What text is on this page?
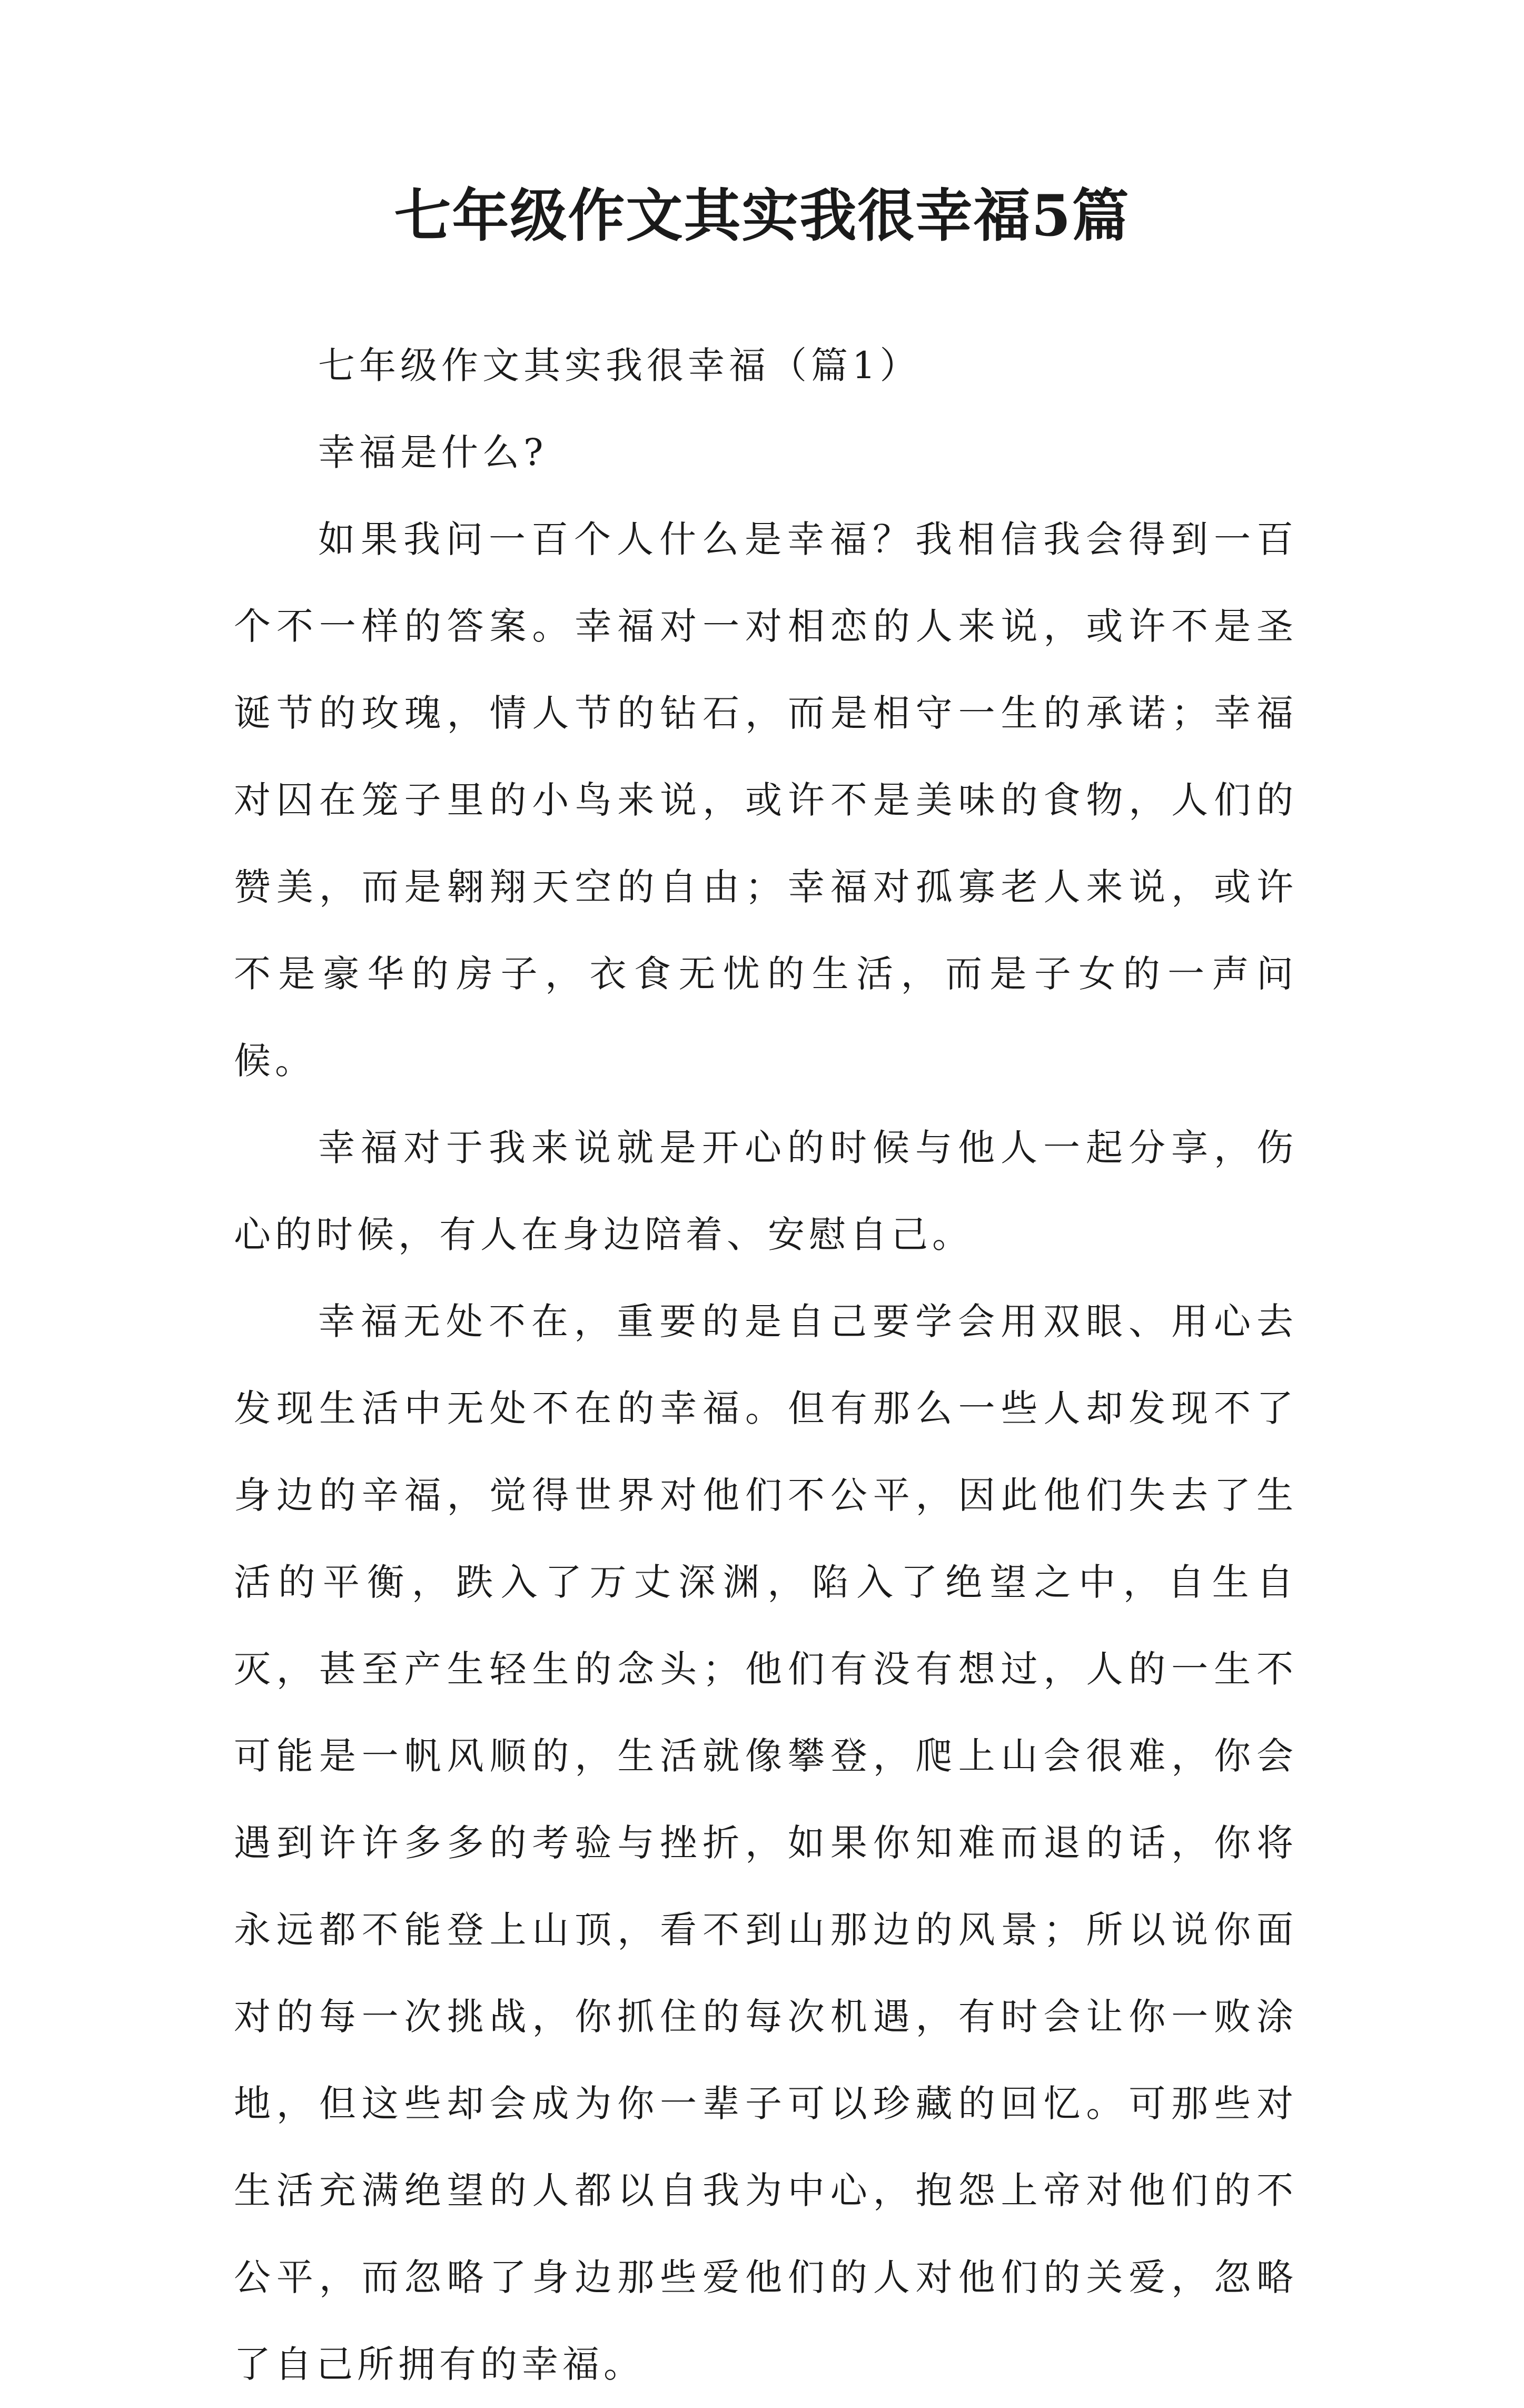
七年级作文其实我很幸福5篇

七年级作文其实我很幸福（篇1）

幸福是什么?

如果我问一百个人什么是幸福？我相信我会得到一百个不一样的答案。幸福对一对相恋的人来说，或许不是圣诞节的玫瑰，情人节的钻石，而是相守一生的承诺；幸福对囚在笼子里的小鸟来说，或许不是美味的食物，人们的赞美，而是翱翔天空的自由；幸福对孤寡老人来说，或许不是豪华的房子，衣食无忧的生活，而是子女的一声问候。

幸福对于我来说就是开心的时候与他人一起分享，伤心的时候，有人在身边陪着、安慰自己。

幸福无处不在，重要的是自己要学会用双眼、用心去发现生活中无处不在的幸福。但有那么一些人却发现不了身边的辛福，觉得世界对他们不公平，因此他们失去了生活的平衡，跌入了万丈深渊，陷入了绝望之中，自生自灭，甚至产生轻生的念头；他们有没有想过，人的一生不可能是一帆风顺的，生活就像攀登，爬上山会很难，你会遇到许许多多的考验与挫折，如果你知难而退的话，你将永远都不能登上山顶，看不到山那边的风景；所以说你面对的每一次挑战，你抓住的每次机遇，有时会让你一败涂地，但这些却会成为你一辈子可以珍藏的回忆。可那些对生活充满绝望的人都以自我为中心，抱怨上帝对他们的不公平，而忽略了身边那些爱他们的人对他们的关爱，忽略了自己所拥有的幸福。
